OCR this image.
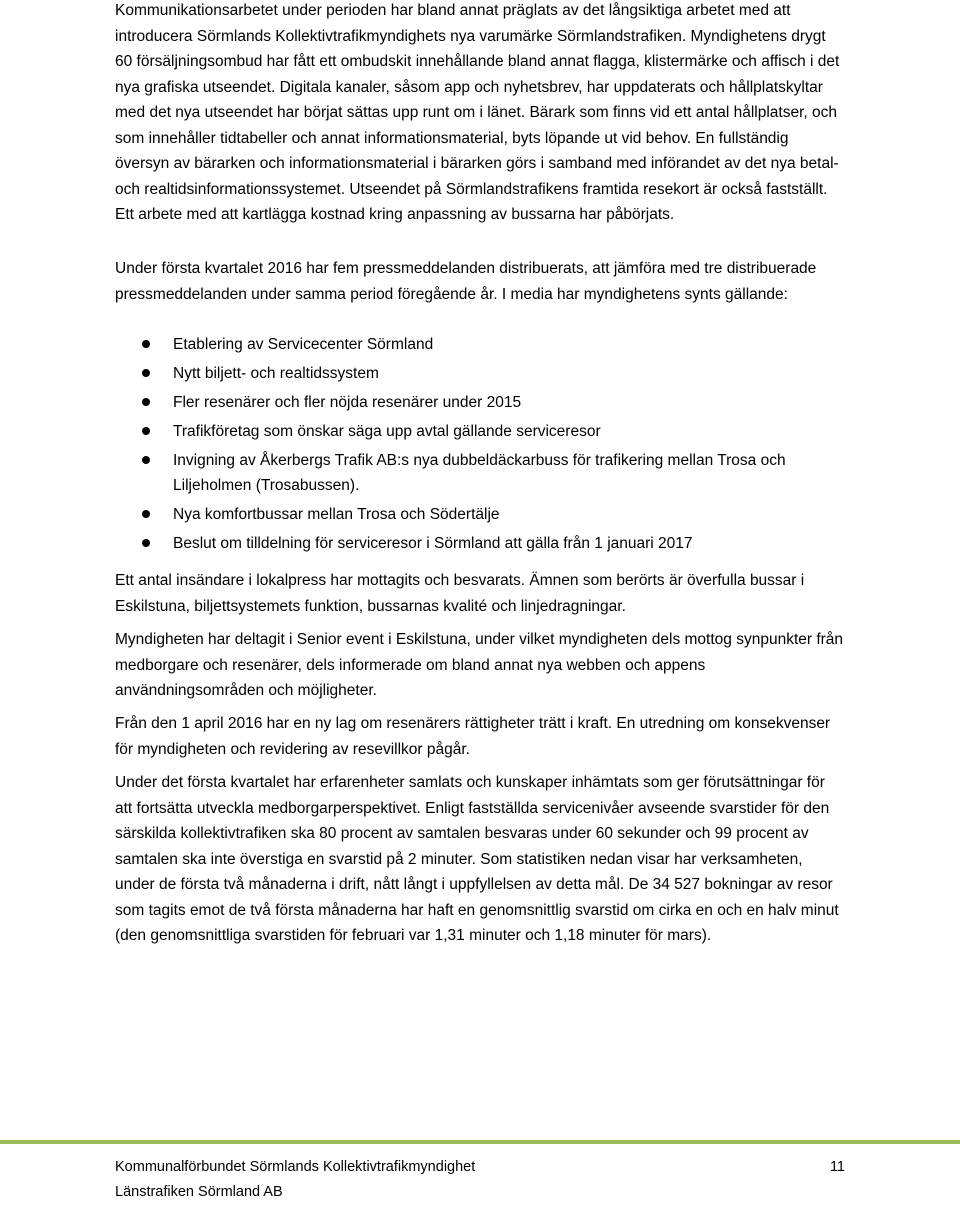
Kommunikationsarbetet under perioden har bland annat präglats av det långsiktiga arbetet med att introducera Sörmlands Kollektivtrafikmyndighets nya varumärke Sörmlandstrafiken. Myndighetens drygt 60 försäljningsombud har fått ett ombudskit innehållande bland annat flagga, klistermärke och affisch i det nya grafiska utseendet. Digitala kanaler, såsom app och nyhetsbrev, har uppdaterats och hållplatskyltar med det nya utseendet har börjat sättas upp runt om i länet. Bärark som finns vid ett antal hållplatser, och som innehåller tidtabeller och annat informationsmaterial, byts löpande ut vid behov. En fullständig översyn av bärarken och informationsmaterial i bärarken görs i samband med införandet av det nya betal- och realtidsinformationssystemet. Utseendet på Sörmlandstrafikens framtida resekort är också fastställt. Ett arbete med att kartlägga kostnad kring anpassning av bussarna har påbörjats.

Under första kvartalet 2016 har fem pressmeddelanden distribuerats, att jämföra med tre distribuerade pressmeddelanden under samma period föregående år. I media har myndighetens synts gällande:

Etablering av Servicecenter Sörmland
Nytt biljett- och realtidssystem
Fler resenärer och fler nöjda resenärer under 2015
Trafikföretag som önskar säga upp avtal gällande serviceresor
Invigning av Åkerbergs Trafik AB:s nya dubbeldäckarbuss för trafikering mellan Trosa och Liljeholmen (Trosabussen).
Nya komfortbussar mellan Trosa och Södertälje
Beslut om tilldelning för serviceresor i Sörmland att gälla från 1 januari 2017

Ett antal insändare i lokalpress har mottagits och besvarats. Ämnen som berörts är överfulla bussar i Eskilstuna, biljettsystemets funktion, bussarnas kvalité och linjedragningar.

Myndigheten har deltagit i Senior event i Eskilstuna, under vilket myndigheten dels mottog synpunkter från medborgare och resenärer, dels informerade om bland annat nya webben och appens användningsområden och möjligheter.

Från den 1 april 2016 har en ny lag om resenärers rättigheter trätt i kraft. En utredning om konsekvenser för myndigheten och revidering av resevillkor pågår.

Under det första kvartalet har erfarenheter samlats och kunskaper inhämtats som ger förutsättningar för att fortsätta utveckla medborgarperspektivet. Enligt fastställda servicenivåer avseende svarstider för den särskilda kollektivtrafiken ska 80 procent av samtalen besvaras under 60 sekunder och 99 procent av samtalen ska inte överstiga en svarstid på 2 minuter. Som statistiken nedan visar har verksamheten, under de första två månaderna i drift, nått långt i uppfyllelsen av detta mål. De 34 527 bokningar av resor som tagits emot de två första månaderna har haft en genomsnittlig svarstid om cirka en och en halv minut (den genomsnittliga svarstiden för februari var 1,31 minuter och 1,18 minuter för mars).

Kommunalförbundet Sörmlands Kollektivtrafikmyndighet
Länstrafiken Sörmland AB
11
